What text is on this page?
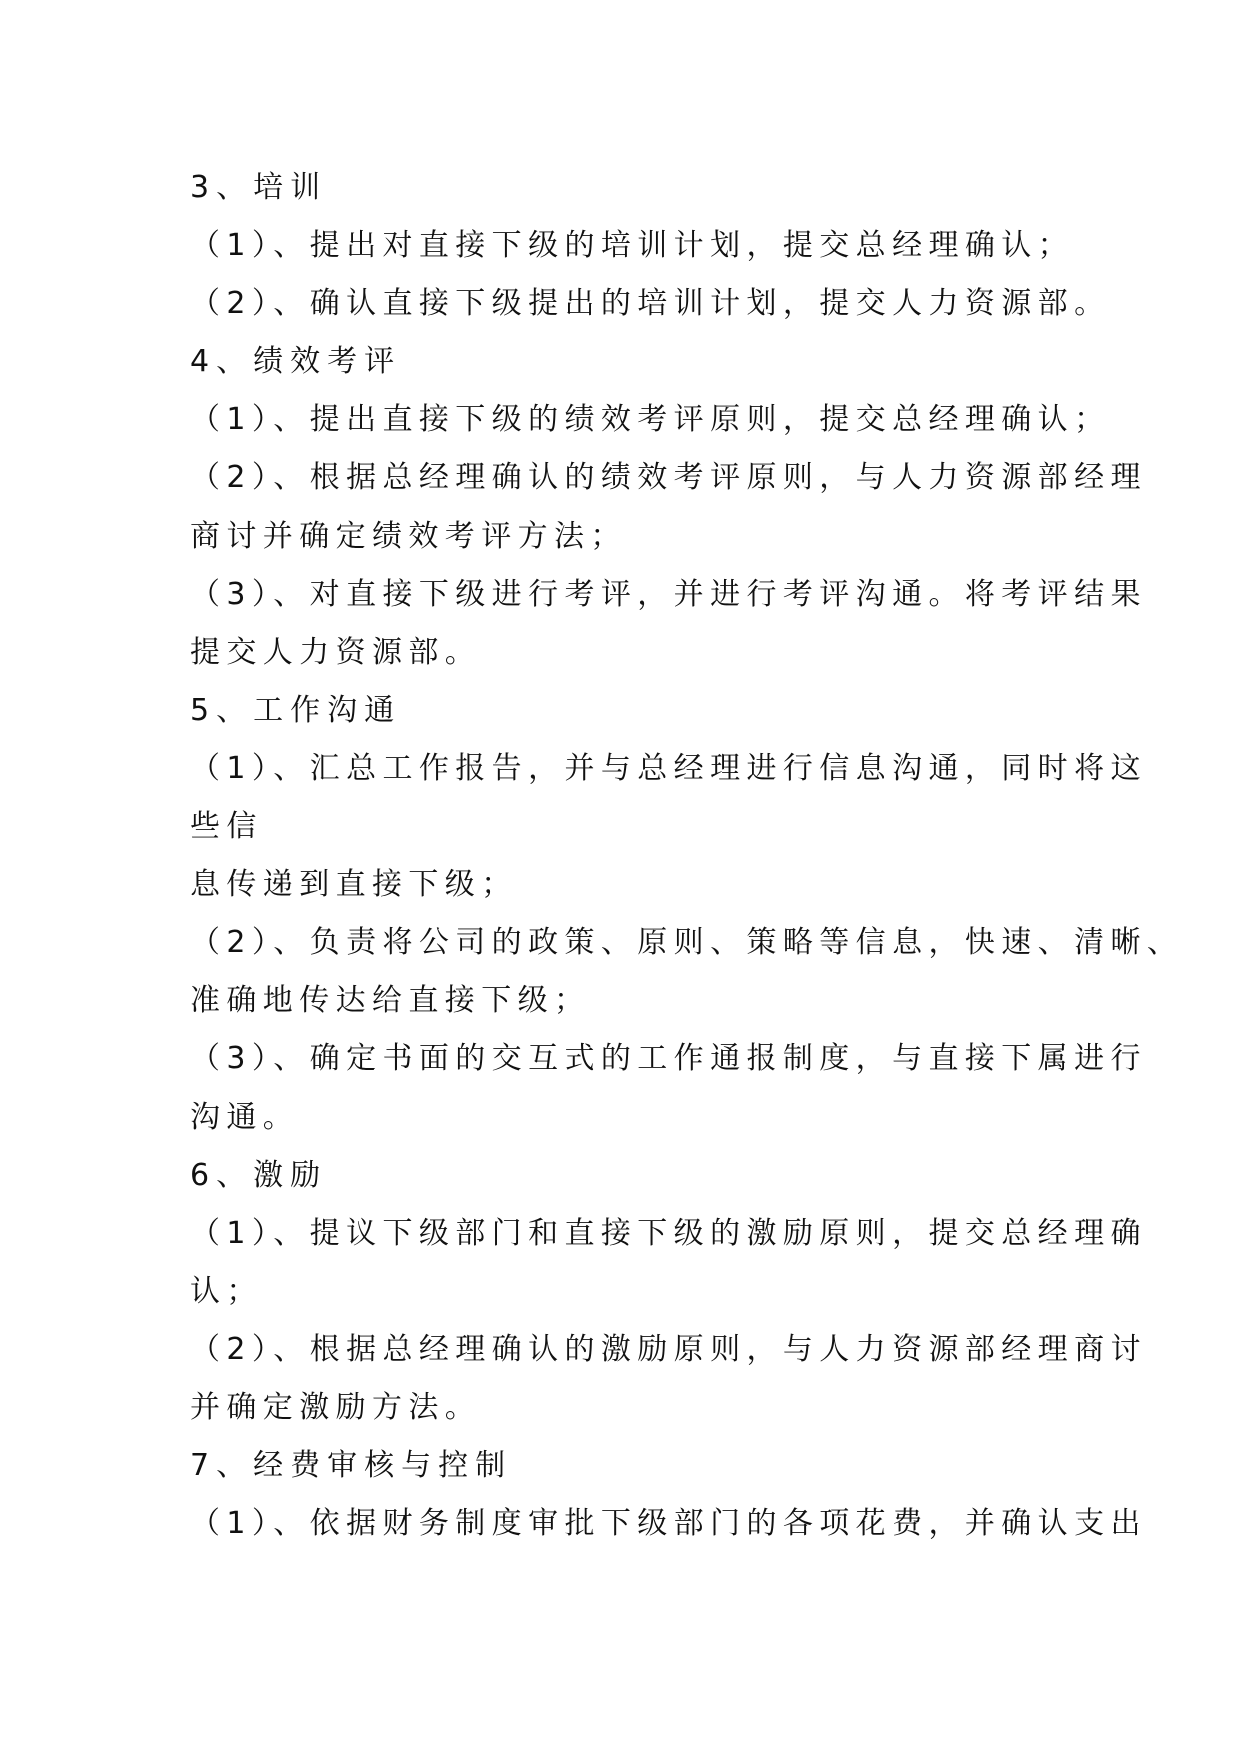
3、培训
（1）、提出对直接下级的培训计划，提交总经理确认；
（2）、确认直接下级提出的培训计划，提交人力资源部。
4、绩效考评
（1）、提出直接下级的绩效考评原则，提交总经理确认；
（2）、根据总经理确认的绩效考评原则，与人力资源部经理
商讨并确定绩效考评方法；
（3）、对直接下级进行考评，并进行考评沟通。将考评结果
提交人力资源部。
5、工作沟通
（1）、汇总工作报告，并与总经理进行信息沟通，同时将这
些信
息传递到直接下级；
（2）、负责将公司的政策、原则、策略等信息，快速、清晰、
准确地传达给直接下级；
（3）、确定书面的交互式的工作通报制度，与直接下属进行
沟通。
6、激励
（1）、提议下级部门和直接下级的激励原则，提交总经理确
认；
（2）、根据总经理确认的激励原则，与人力资源部经理商讨
并确定激励方法。
7、经费审核与控制
（1）、依据财务制度审批下级部门的各项花费，并确认支出
